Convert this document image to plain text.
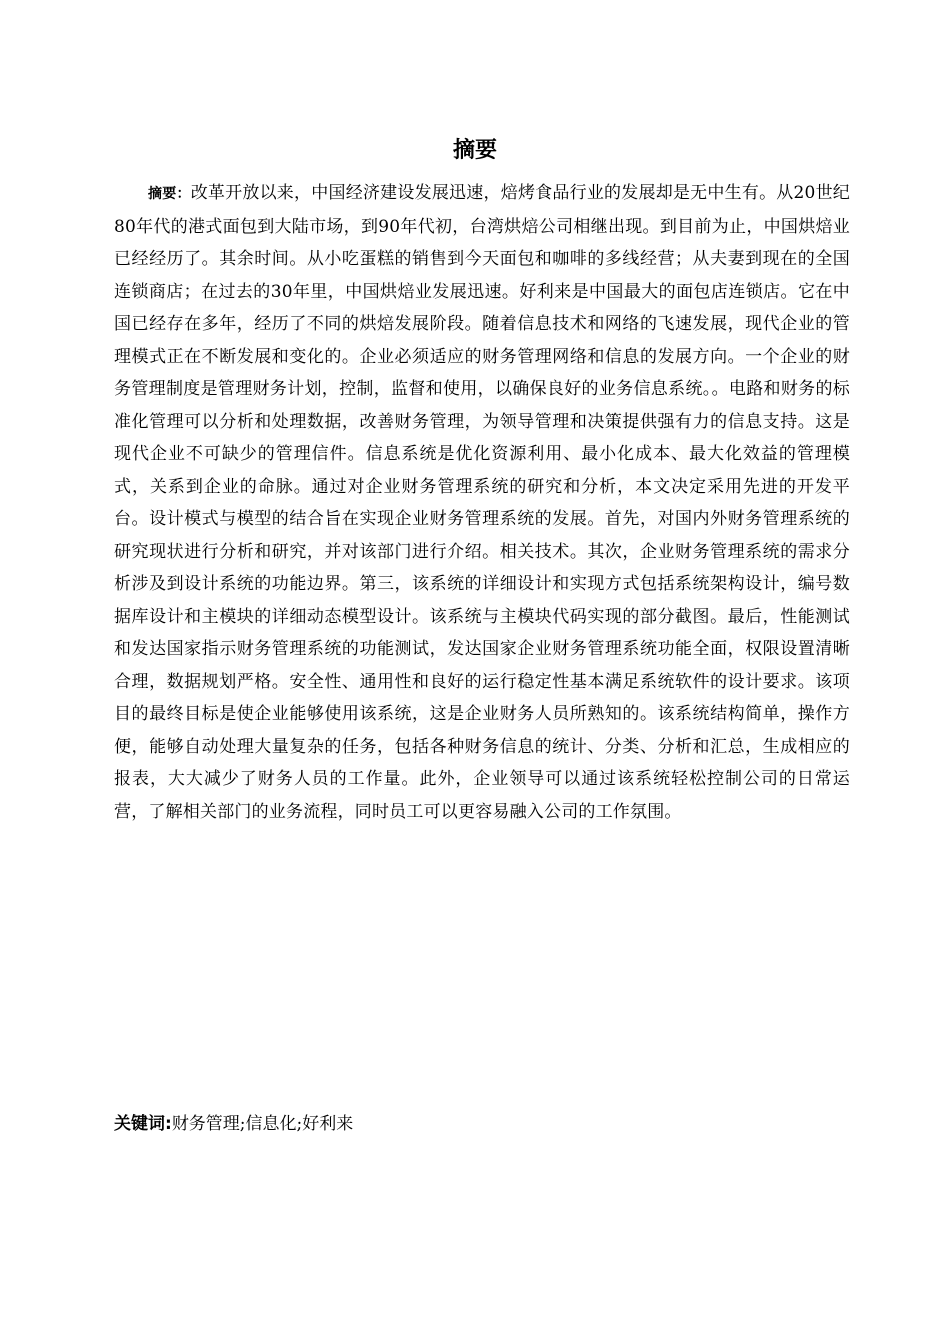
摘要

摘要：改革开放以来，中国经济建设发展迅速，焙烤食品行业的发展却是无中生有。从20世纪80年代的港式面包到大陆市场，到90年代初，台湾烘焙公司相继出现。到目前为止，中国烘焙业已经经历了。其余时间。从小吃蛋糕的销售到今天面包和咖啡的多线经营；从夫妻到现在的全国连锁商店；在过去的30年里，中国烘焙业发展迅速。好利来是中国最大的面包店连锁店。它在中国已经存在多年，经历了不同的烘焙发展阶段。随着信息技术和网络的飞速发展，现代企业的管理模式正在不断发展和变化的。企业必须适应的财务管理网络和信息的发展方向。一个企业的财务管理制度是管理财务计划，控制，监督和使用，以确保良好的业务信息系统。。电路和财务的标准化管理可以分析和处理数据，改善财务管理，为领导管理和决策提供强有力的信息支持。这是现代企业不可缺少的管理信件。信息系统是优化资源利用、最小化成本、最大化效益的管理模式，关系到企业的命脉。通过对企业财务管理系统的研究和分析，本文决定采用先进的开发平台。设计模式与模型的结合旨在实现企业财务管理系统的发展。首先，对国内外财务管理系统的研究现状进行分析和研究，并对该部门进行介绍。相关技术。其次，企业财务管理系统的需求分析涉及到设计系统的功能边界。第三，该系统的详细设计和实现方式包括系统架构设计，编号数据库设计和主模块的详细动态模型设计。该系统与主模块代码实现的部分截图。最后，性能测试和发达国家指示财务管理系统的功能测试，发达国家企业财务管理系统功能全面，权限设置清晰合理，数据规划严格。安全性、通用性和良好的运行稳定性基本满足系统软件的设计要求。该项目的最终目标是使企业能够使用该系统，这是企业财务人员所熟知的。该系统结构简单，操作方便，能够自动处理大量复杂的任务，包括各种财务信息的统计、分类、分析和汇总，生成相应的报表，大大减少了财务人员的工作量。此外，企业领导可以通过该系统轻松控制公司的日常运营，了解相关部门的业务流程，同时员工可以更容易融入公司的工作氛围。

关键词:财务管理;信息化;好利来
